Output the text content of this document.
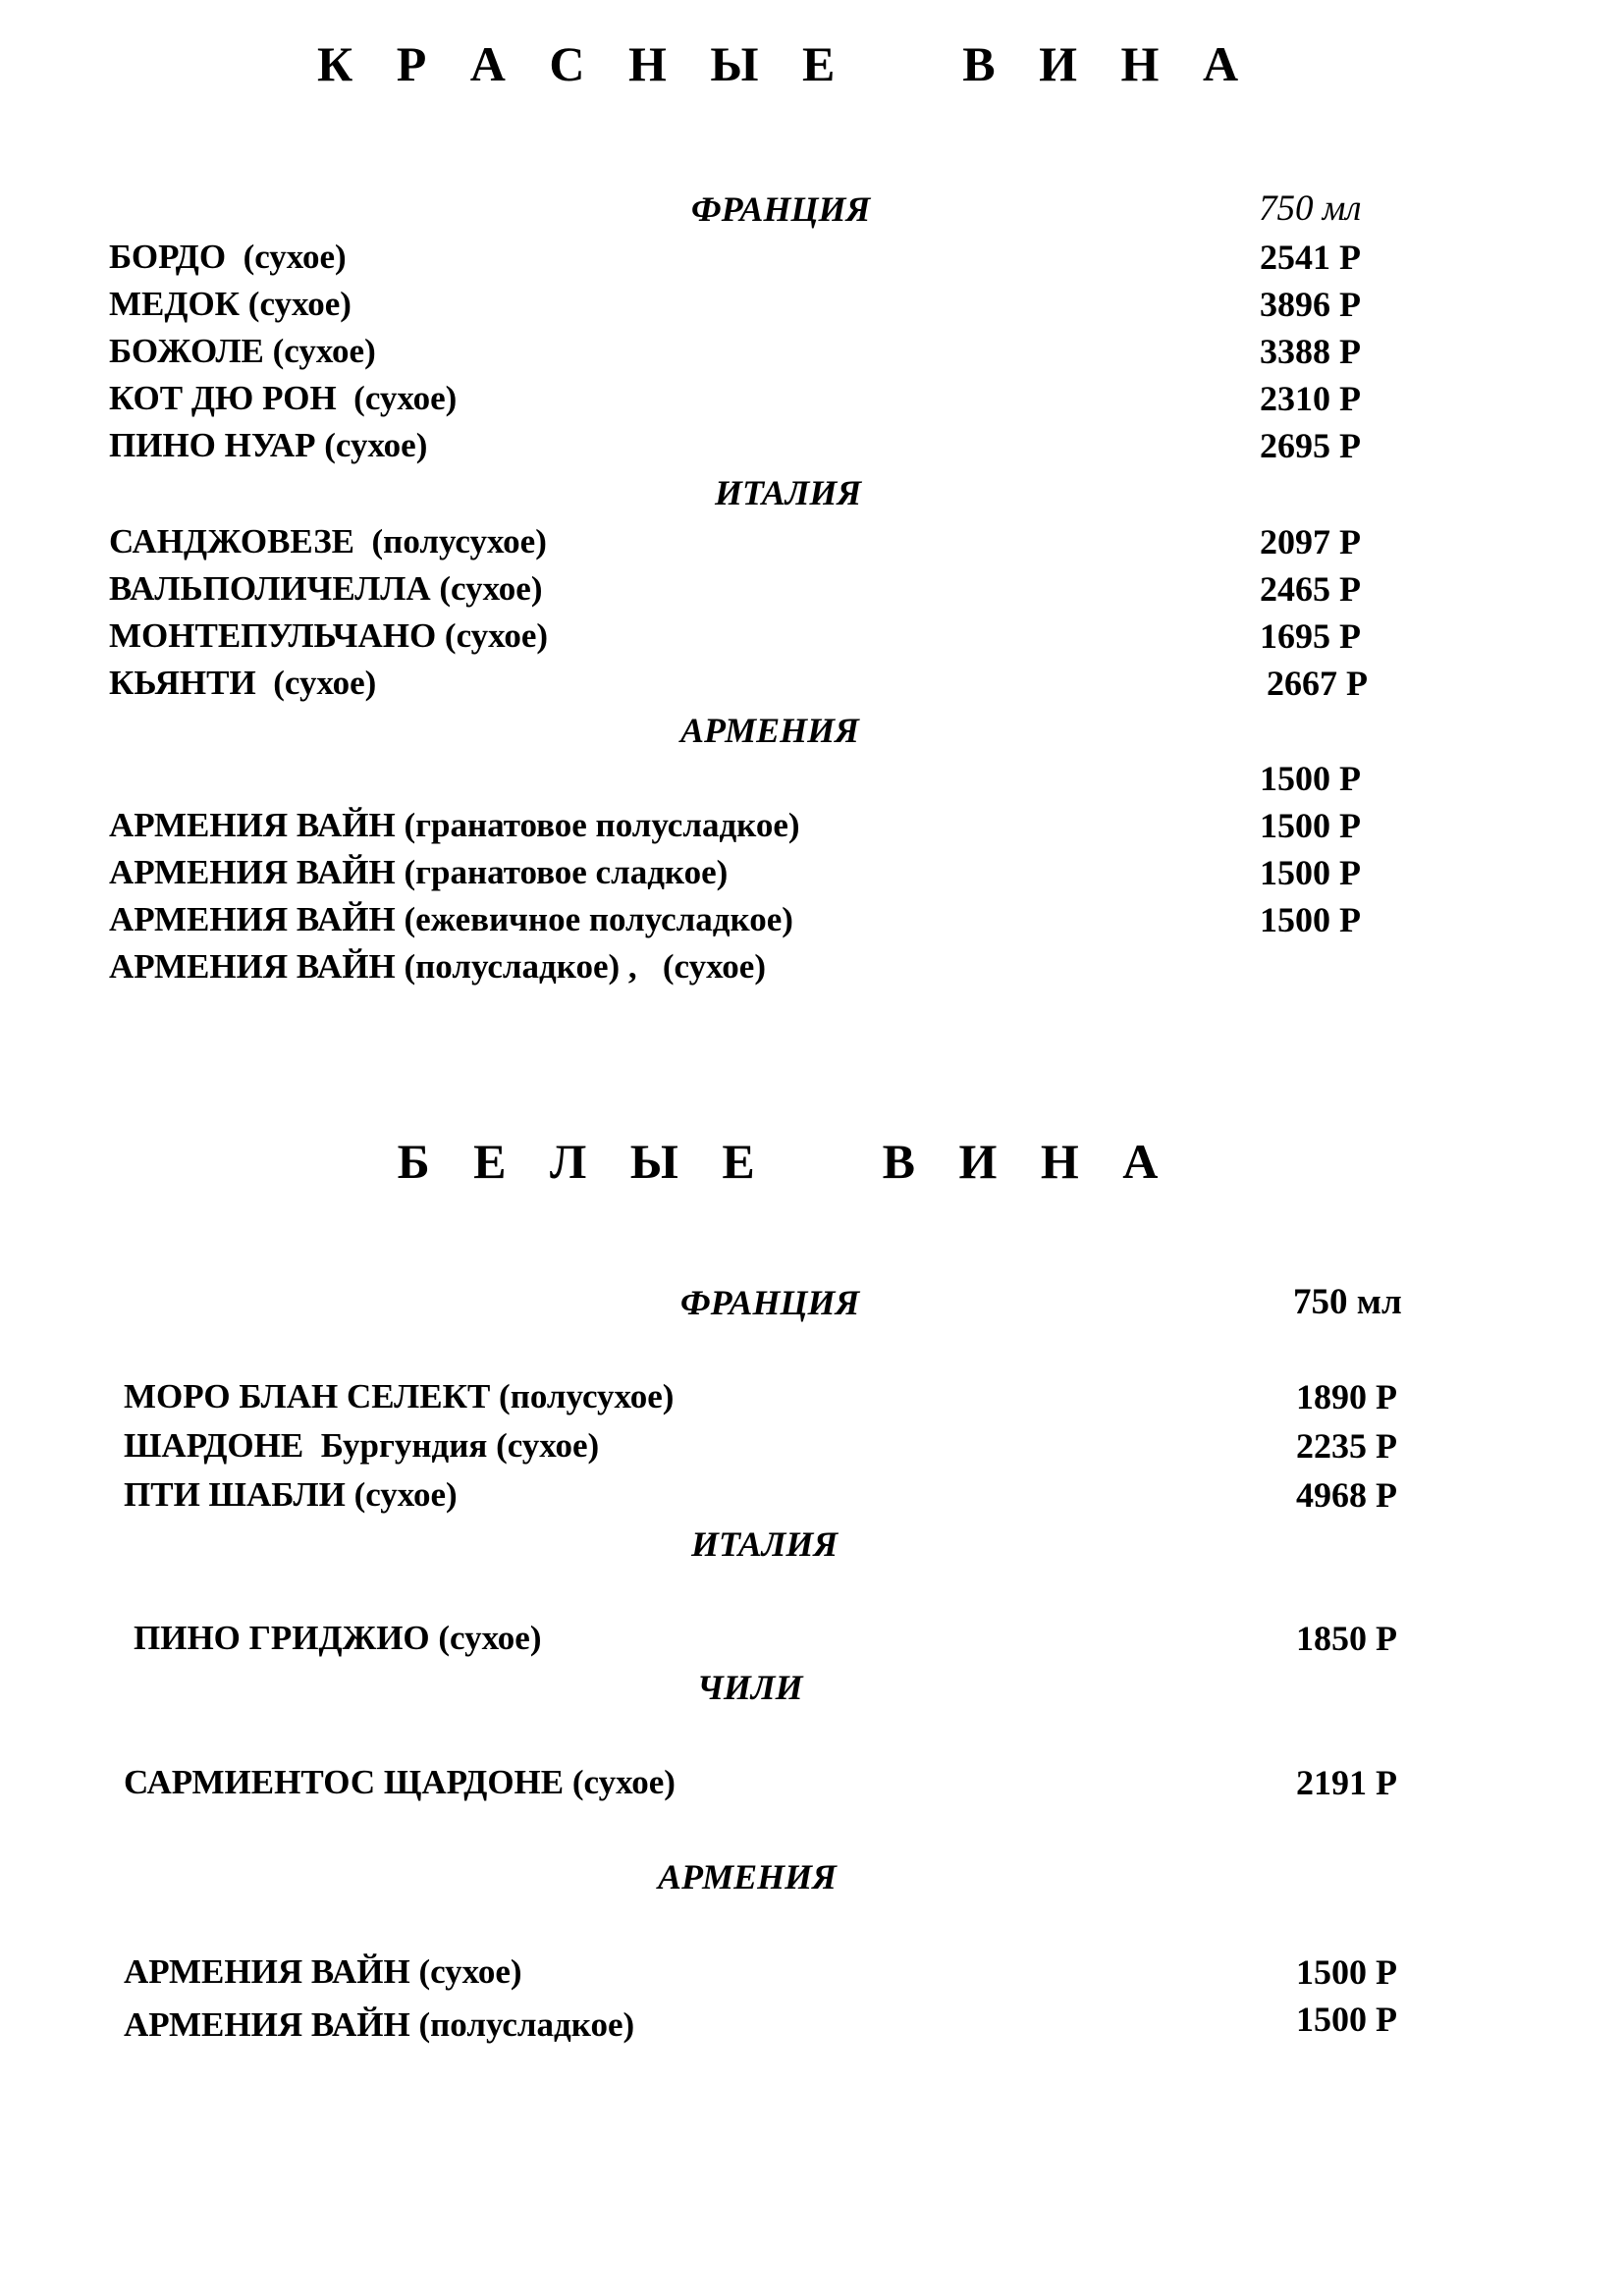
К Р А С Н Ы Е    В И Н А
ФРАНЦИЯ	750 мл
БОРДО  (сухое)	2541 Р
МЕДОК (сухое)	3896 Р
БОЖОЛЕ (сухое)	3388 Р
КОТ ДЮ РОН  (сухое)	2310 Р
ПИНО НУАР (сухое)	2695 Р
ИТАЛИЯ
САНДЖОВЕЗЕ  (полусухое)	2097 Р
ВАЛЬПОЛИЧЕЛЛА (сухое)	2465 Р
МОНТЕПУЛЬЧАНО (сухое)	1695 Р
КЬЯНТИ  (сухое)	2667 Р
АРМЕНИЯ
1500 Р
АРМЕНИЯ ВАЙН (гранатовое полусладкое)	1500 Р
АРМЕНИЯ ВАЙН (гранатовое сладкое)	1500 Р
АРМЕНИЯ ВАЙН (ежевичное полусладкое)	1500 Р
АРМЕНИЯ ВАЙН (полусладкое) ,   (сухое)
Б Е Л Ы Е    В И Н А
ФРАНЦИЯ	750 мл
МОРО БЛАН СЕЛЕКТ (полусухое)	1890 Р
ШАРДОНЕ  Бургундия (сухое)	2235 Р
ПТИ ШАБЛИ (сухое)	4968 Р
ИТАЛИЯ
ПИНО ГРИДЖИО (сухое)	1850 Р
ЧИЛИ
САРМИЕНТОС ЩАРДОНЕ (сухое)	2191 Р
АРМЕНИЯ
АРМЕНИЯ ВАЙН (сухое)	1500 Р
АРМЕНИЯ ВАЙН (полусладкое)	1500 Р
